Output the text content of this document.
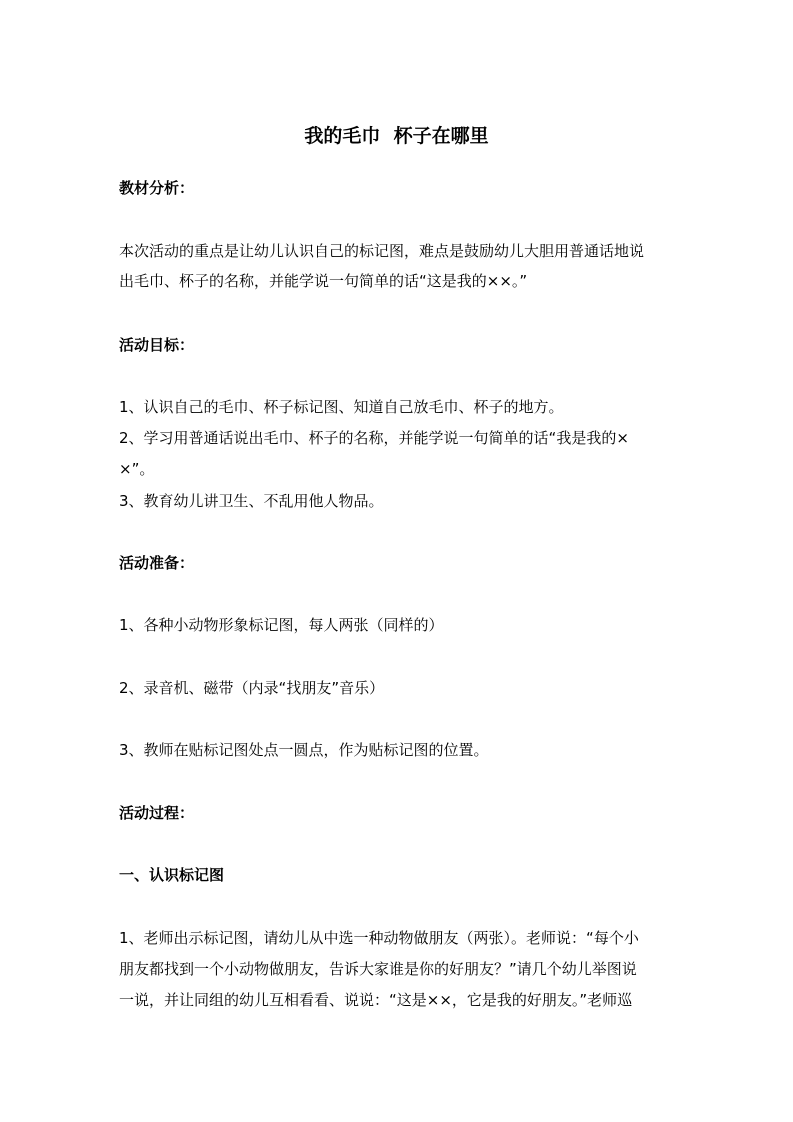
我的毛巾  杯子在哪里
教材分析：
本次活动的重点是让幼儿认识自己的标记图，难点是鼓励幼儿大胆用普通话地说
出毛巾、杯子的名称，并能学说一句简单的话“这是我的××。”
活动目标：
1、认识自己的毛巾、杯子标记图、知道自己放毛巾、杯子的地方。
2、学习用普通话说出毛巾、杯子的名称，并能学说一句简单的话“我是我的×
×”。
3、教育幼儿讲卫生、不乱用他人物品。
活动准备：
1、各种小动物形象标记图，每人两张（同样的）
2、录音机、磁带（内录“找朋友”音乐）
3、教师在贴标记图处点一圆点，作为贴标记图的位置。
活动过程：
一、认识标记图
1、老师出示标记图，请幼儿从中选一种动物做朋友（两张）。老师说：“每个小
朋友都找到一个小动物做朋友，告诉大家谁是你的好朋友？”请几个幼儿举图说
一说，并让同组的幼儿互相看看、说说：“这是××，它是我的好朋友。”老师巡
